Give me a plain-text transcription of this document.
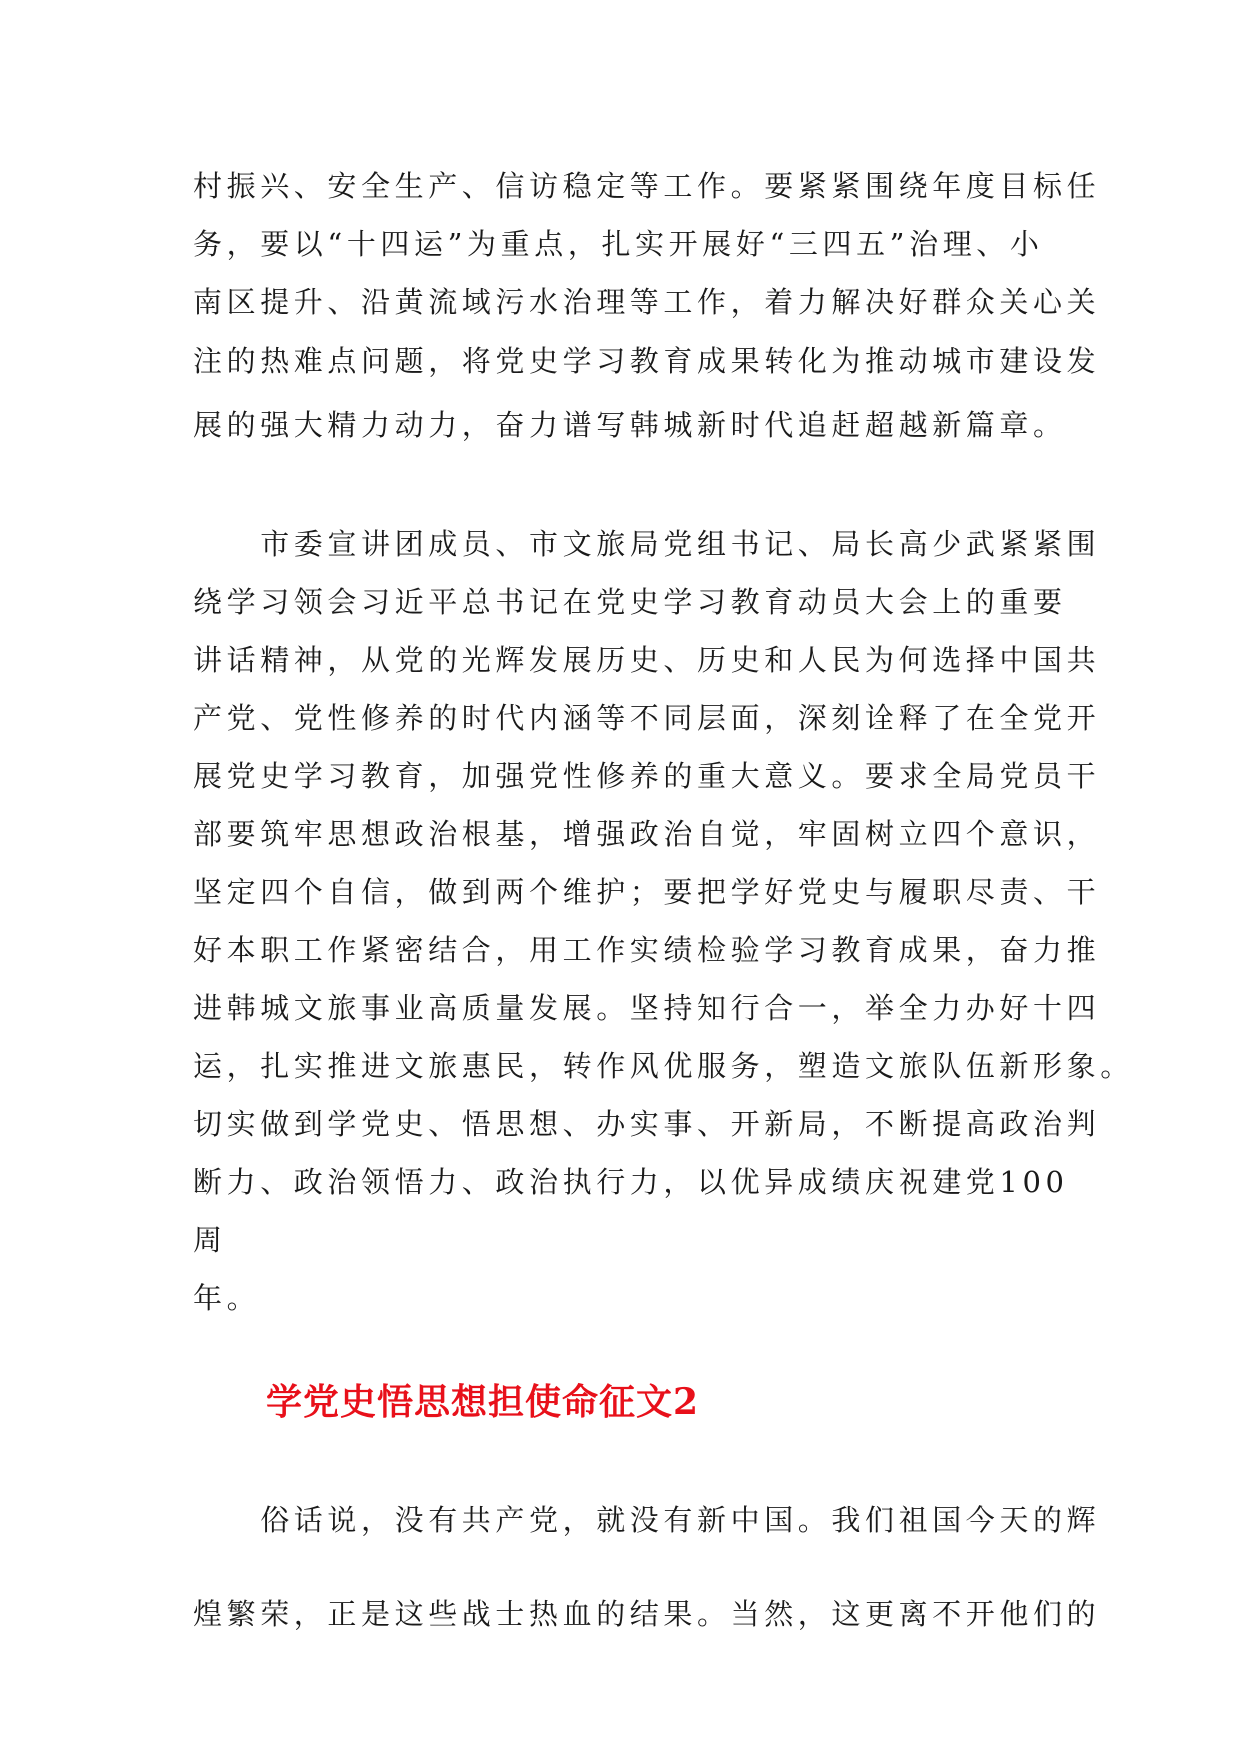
村振兴、安全生产、信访稳定等工作。要紧紧围绕年度目标任
务，要以“十四运”为重点，扎实开展好“三四五”治理、小
南区提升、沿黄流域污水治理等工作，着力解决好群众关心关
注的热难点问题，将党史学习教育成果转化为推动城市建设发
展的强大精力动力，奋力谱写韩城新时代追赶超越新篇章。
　　市委宣讲团成员、市文旅局党组书记、局长高少武紧紧围
绕学习领会习近平总书记在党史学习教育动员大会上的重要
讲话精神，从党的光辉发展历史、历史和人民为何选择中国共
产党、党性修养的时代内涵等不同层面，深刻诠释了在全党开
展党史学习教育，加强党性修养的重大意义。要求全局党员干
部要筑牢思想政治根基，增强政治自觉，牢固树立四个意识，
坚定四个自信，做到两个维护；要把学好党史与履职尽责、干
好本职工作紧密结合，用工作实绩检验学习教育成果，奋力推
进韩城文旅事业高质量发展。坚持知行合一，举全力办好十四
运，扎实推进文旅惠民，转作风优服务，塑造文旅队伍新形象。
切实做到学党史、悟思想、办实事、开新局，不断提高政治判
断力、政治领悟力、政治执行力，以优异成绩庆祝建党100
周
年。
学党史悟思想担使命征文2
　　俗话说，没有共产党，就没有新中国。我们祖国今天的辉
煌繁荣，正是这些战士热血的结果。当然，这更离不开他们的
